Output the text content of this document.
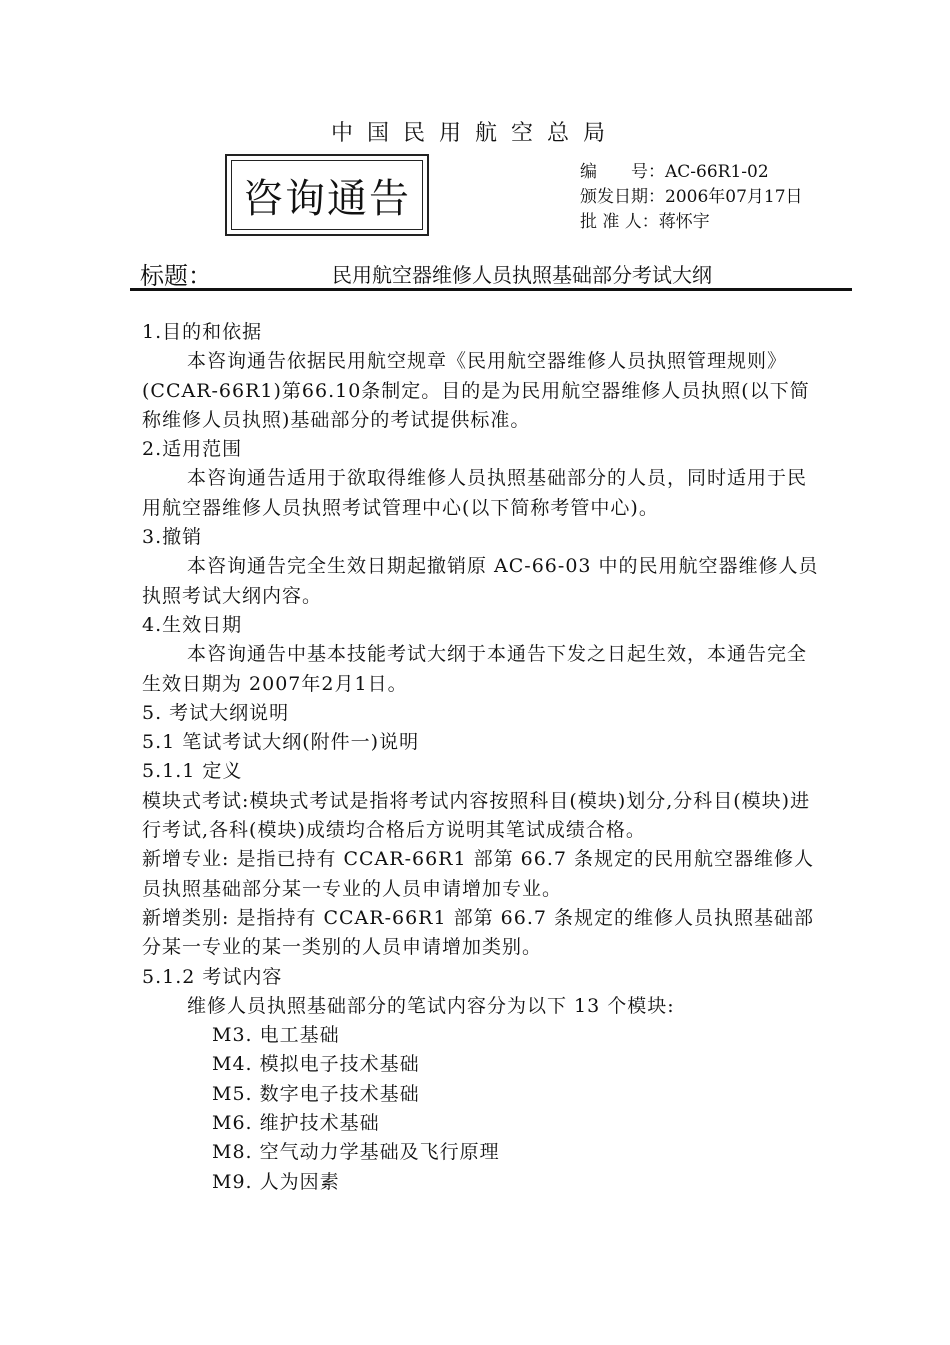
中国民用航空总局
咨询通告
编　　号：AC-66R1-02
颁发日期：2006年07月17日
批 准 人：蒋怀宇
标题：	民用航空器维修人员执照基础部分考试大纲

1.目的和依据

本咨询通告依据民用航空规章《民用航空器维修人员执照管理规则》(CCAR-66R1)第66.10条制定。目的是为民用航空器维修人员执照(以下简称维修人员执照)基础部分的考试提供标准。

2.适用范围

本咨询通告适用于欲取得维修人员执照基础部分的人员，同时适用于民用航空器维修人员执照考试管理中心(以下简称考管中心)。

3.撤销

本咨询通告完全生效日期起撤销原 AC-66-03 中的民用航空器维修人员执照考试大纲内容。

4.生效日期

本咨询通告中基本技能考试大纲于本通告下发之日起生效，本通告完全生效日期为 2007年2月1日。

5. 考试大纲说明

5.1 笔试考试大纲(附件一)说明

5.1.1 定义

模块式考试:模块式考试是指将考试内容按照科目(模块)划分,分科目(模块)进行考试,各科(模块)成绩均合格后方说明其笔试成绩合格。

新增专业: 是指已持有 CCAR-66R1 部第 66.7 条规定的民用航空器维修人员执照基础部分某一专业的人员申请增加专业。

新增类别: 是指持有 CCAR-66R1 部第 66.7 条规定的维修人员执照基础部分某一专业的某一类别的人员申请增加类别。

5.1.2 考试内容

维修人员执照基础部分的笔试内容分为以下 13 个模块:

M3. 电工基础

M4. 模拟电子技术基础

M5. 数字电子技术基础

M6. 维护技术基础

M8. 空气动力学基础及飞行原理

M9. 人为因素
